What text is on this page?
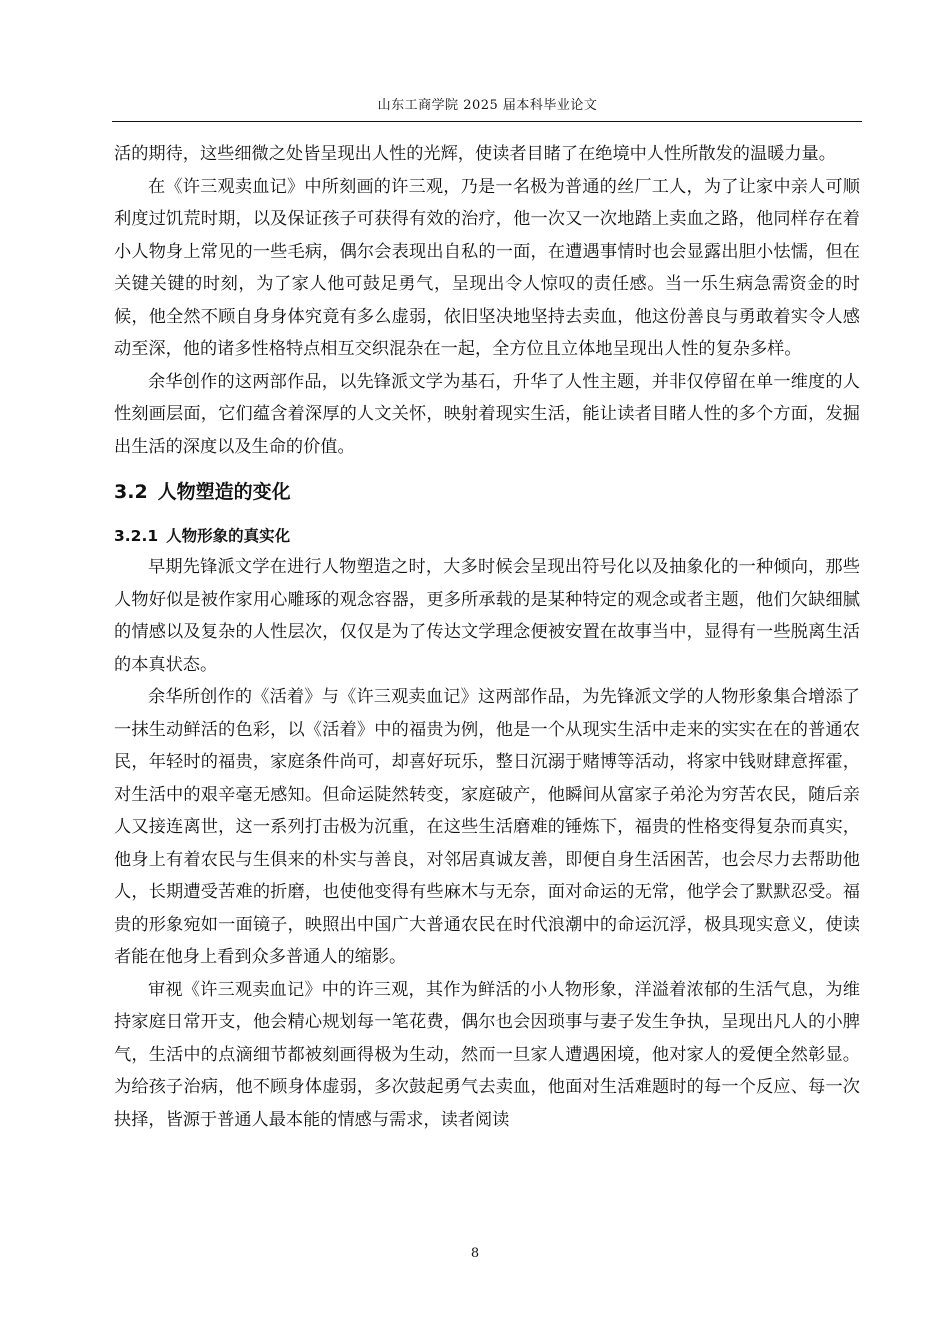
山东工商学院 2025 届本科毕业论文

活的期待，这些细微之处皆呈现出人性的光辉，使读者目睹了在绝境中人性所散发的温暖力量。

在《许三观卖血记》中所刻画的许三观，乃是一名极为普通的丝厂工人，为了让家中亲人可顺利度过饥荒时期，以及保证孩子可获得有效的治疗，他一次又一次地踏上卖血之路，他同样存在着小人物身上常见的一些毛病，偶尔会表现出自私的一面，在遭遇事情时也会显露出胆小怯懦，但在关键关键的时刻，为了家人他可鼓足勇气，呈现出令人惊叹的责任感。当一乐生病急需资金的时候，他全然不顾自身身体究竟有多么虚弱，依旧坚决地坚持去卖血，他这份善良与勇敢着实令人感动至深，他的诸多性格特点相互交织混杂在一起，全方位且立体地呈现出人性的复杂多样。

余华创作的这两部作品，以先锋派文学为基石，升华了人性主题，并非仅停留在单一维度的人性刻画层面，它们蕴含着深厚的人文关怀，映射着现实生活，能让读者目睹人性的多个方面，发掘出生活的深度以及生命的价值。

3.2 人物塑造的变化
3.2.1 人物形象的真实化

早期先锋派文学在进行人物塑造之时，大多时候会呈现出符号化以及抽象化的一种倾向，那些人物好似是被作家用心雕琢的观念容器，更多所承载的是某种特定的观念或者主题，他们欠缺细腻的情感以及复杂的人性层次，仅仅是为了传达文学理念便被安置在故事当中，显得有一些脱离生活的本真状态。

余华所创作的《活着》与《许三观卖血记》这两部作品，为先锋派文学的人物形象集合增添了一抹生动鲜活的色彩，以《活着》中的福贵为例，他是一个从现实生活中走来的实实在在的普通农民，年轻时的福贵，家庭条件尚可，却喜好玩乐，整日沉溺于赌博等活动，将家中钱财肆意挥霍，对生活中的艰辛毫无感知。但命运陡然转变，家庭破产，他瞬间从富家子弟沦为穷苦农民，随后亲人又接连离世，这一系列打击极为沉重，在这些生活磨难的锤炼下，福贵的性格变得复杂而真实，他身上有着农民与生俱来的朴实与善良，对邻居真诚友善，即便自身生活困苦，也会尽力去帮助他人，长期遭受苦难的折磨，也使他变得有些麻木与无奈，面对命运的无常，他学会了默默忍受。福贵的形象宛如一面镜子，映照出中国广大普通农民在时代浪潮中的命运沉浮，极具现实意义，使读者能在他身上看到众多普通人的缩影。

审视《许三观卖血记》中的许三观，其作为鲜活的小人物形象，洋溢着浓郁的生活气息，为维持家庭日常开支，他会精心规划每一笔花费，偶尔也会因琐事与妻子发生争执，呈现出凡人的小脾气，生活中的点滴细节都被刻画得极为生动，然而一旦家人遭遇困境，他对家人的爱便全然彰显。为给孩子治病，他不顾身体虚弱，多次鼓起勇气去卖血，他面对生活难题时的每一个反应、每一次抉择，皆源于普通人最本能的情感与需求，读者阅读

8
